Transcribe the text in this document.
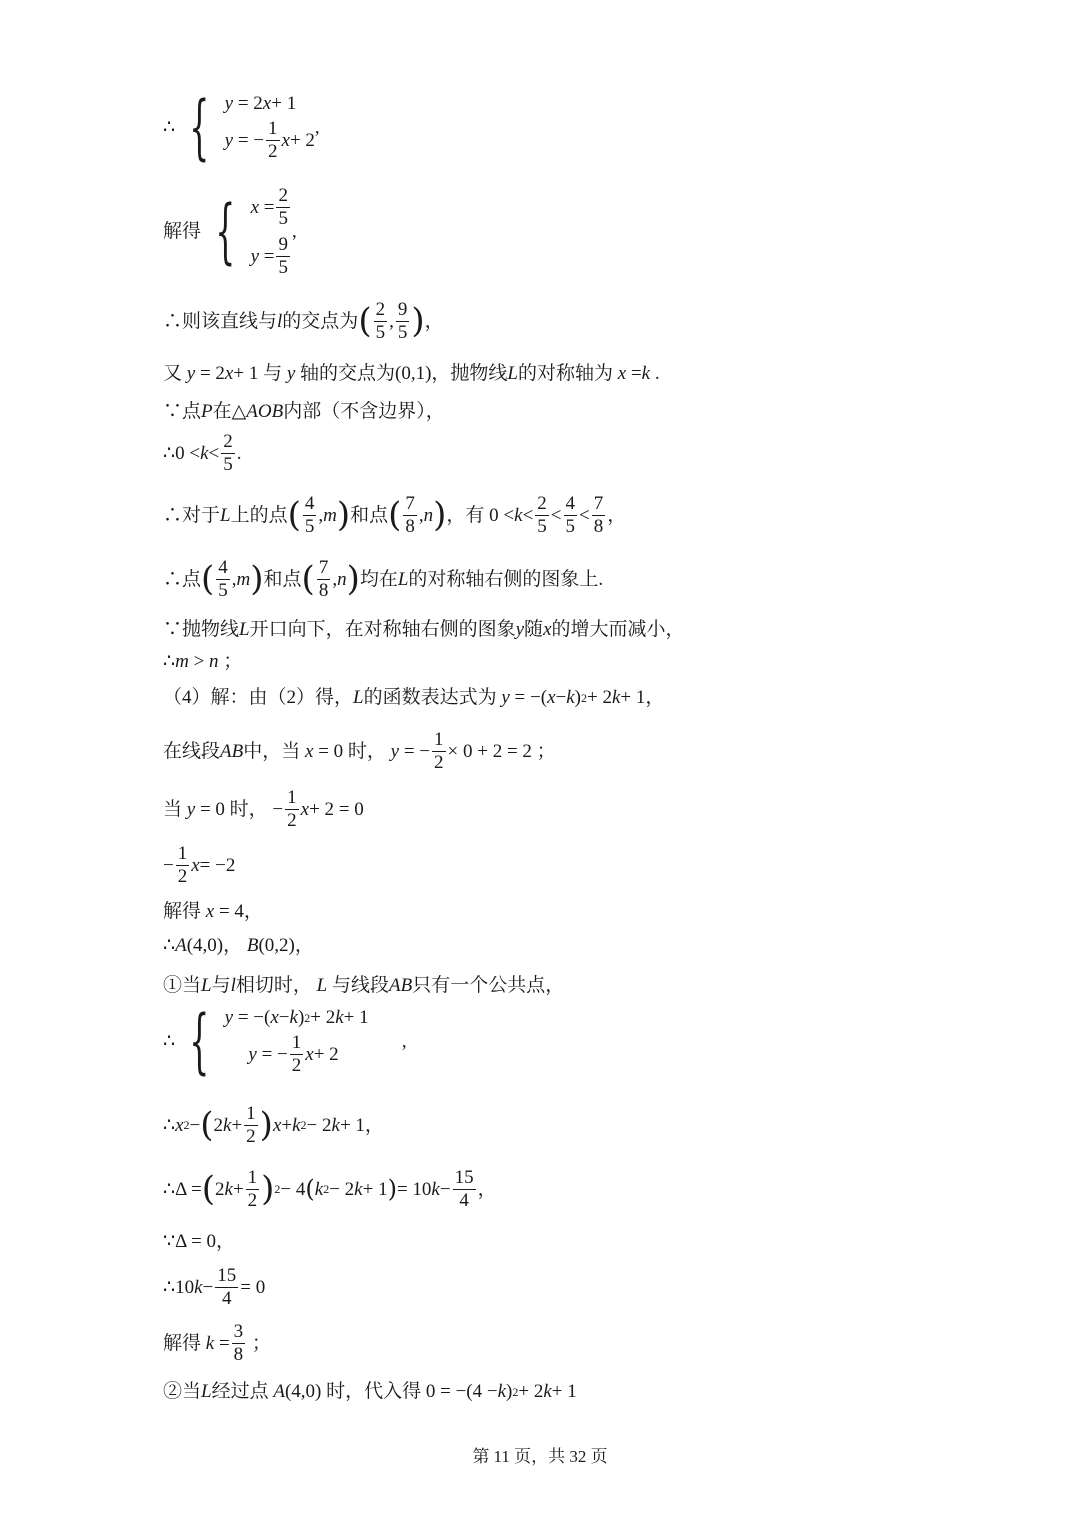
∴ { y = 2 x + 1
y = − $\frac{1}{2}$ x + 2
,
解得 { $x = \frac{2}{5}$
$y = \frac{9}{5}$
,
∴则该直线与 l 的交点为 ( $\frac{2}{5}$ , $\frac{9}{5}$ ) ，
又 y = 2 x + 1 与 y 轴的交点为(0,1)，抛物线 L 的对称轴为 x = k .
∵点 P 在△ AOB 内部（不含边界），
∴0 < $k < \frac{2}{5}$ .
∴对于 L 上的点 ( $\frac{4}{5}$ , m ) 和点 ( $\frac{7}{8}$ , n ) ，有 $0 < k < \frac{2}{5} < \frac{4}{5} < \frac{7}{8}$ ，
∴点 ( $\frac{4}{5}$ , m ) 和点 ( $\frac{7}{8}$ , n ) 均在 L 的对称轴右侧的图象上.
∵抛物线 L 开口向下，在对称轴右侧的图象 y 随 x 的增大而减小，
∴ m > n ；
（4）解：由（2）得， L 的函数表达式为 y = −( x − k ) 2 + 2 k + 1，
在线段 AB 中，当 x = 0 时， y = − $\frac{1}{2} \times 0 + 2 = 2$ ；
当 y = 0 时， − $\frac{1}{2}$ x + 2 = 0
− $\frac{1}{2}$ x = −2
解得 x = 4，
∴ A (4,0)， B (0,2)，
①当 L 与 l 相切时， L 与线段 AB 只有一个公共点，
∴ { y = −( x − k ) 2 + 2 k + 1

y = − $\frac{1}{2}$ x + 2
,
∴ x 2 − ( 2 $k + \frac{1}{2}$ ) x + k 2 − 2 k + 1，
∴Δ = ( 2 $k + \frac{1}{2}$ ) 2 − 4 ( k 2 − 2 k + 1 ) = 10 $k - \frac{15}{4}$ ，
∵Δ = 0，
∴10 $k - \frac{15}{4} = 0$
解得 $k = \frac{3}{8}$ ；
②当 L 经过点 A (4,0) 时，代入得 0 = −(4 − k ) 2 + 2 k + 1
第 11 页，共 32 页
